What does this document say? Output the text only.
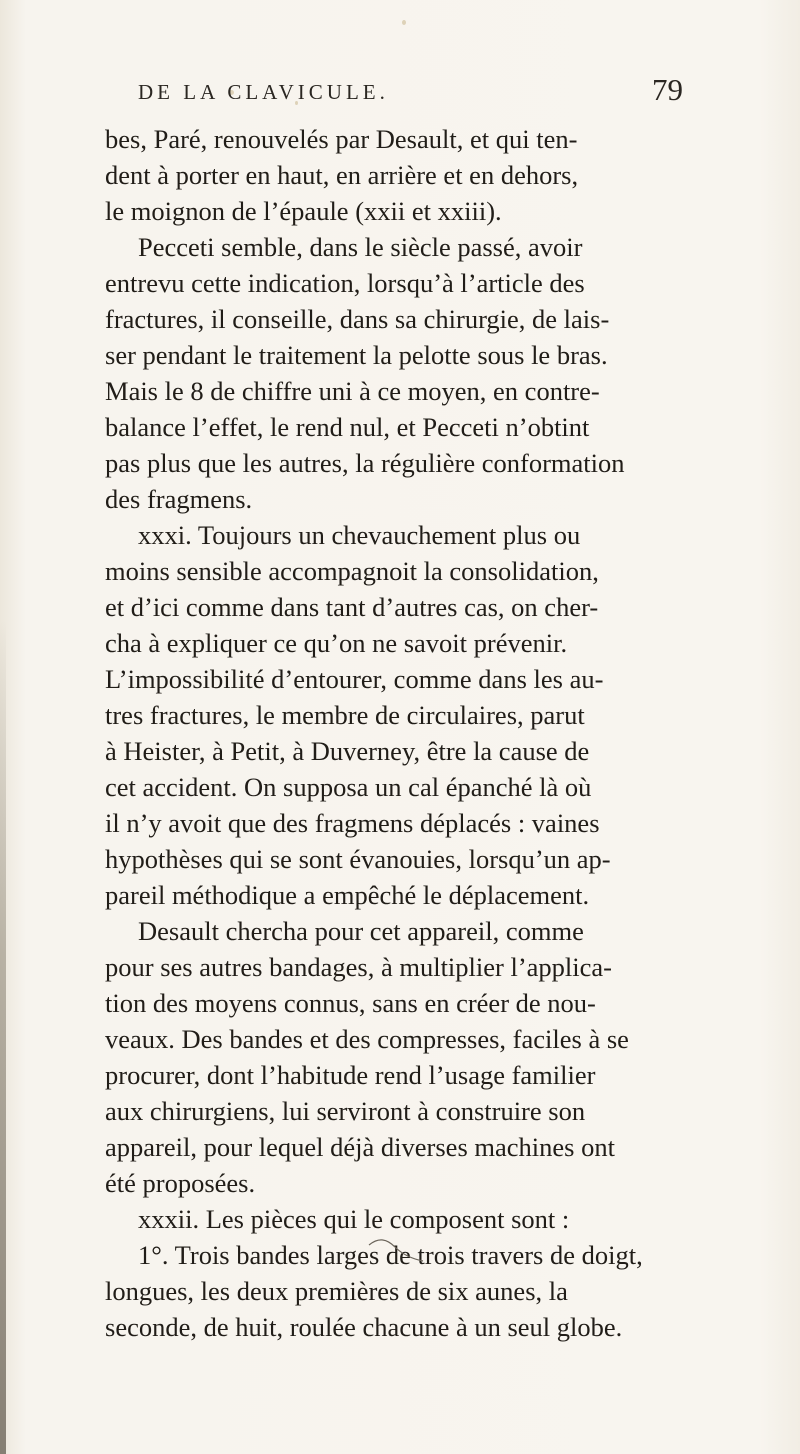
DE LA CLAVICULE.	79
bes, Paré, renouvelés par Desault, et qui ten-
dent à porter en haut, en arrière et en dehors,
le moignon de l’épaule (xxii et xxiii).
Pecceti semble, dans le siècle passé, avoir
entrevu cette indication, lorsqu’à l’article des
fractures, il conseille, dans sa chirurgie, de lais-
ser pendant le traitement la pelotte sous le bras.
Mais le 8 de chiffre uni à ce moyen, en contre-
balance l’effet, le rend nul, et Pecceti n’obtint
pas plus que les autres, la régulière conformation
des fragmens.
xxxi. Toujours un chevauchement plus ou
moins sensible accompagnoit la consolidation,
et d’ici comme dans tant d’autres cas, on cher-
cha à expliquer ce qu’on ne savoit prévenir.
L’impossibilité d’entourer, comme dans les au-
tres fractures, le membre de circulaires, parut
à Heister, à Petit, à Duverney, être la cause de
cet accident. On supposa un cal épanché là où
il n’y avoit que des fragmens déplacés : vaines
hypothèses qui se sont évanouies, lorsqu’un ap-
pareil méthodique a empêché le déplacement.
Desault chercha pour cet appareil, comme
pour ses autres bandages, à multiplier l’applica-
tion des moyens connus, sans en créer de nou-
veaux. Des bandes et des compresses, faciles à se
procurer, dont l’habitude rend l’usage familier
aux chirurgiens, lui serviront à construire son
appareil, pour lequel déjà diverses machines ont
été proposées.
xxxii. Les pièces qui le composent sont :
1°. Trois bandes larges de trois travers de doigt,
longues, les deux premières de six aunes, la
seconde, de huit, roulée chacune à un seul globe.
